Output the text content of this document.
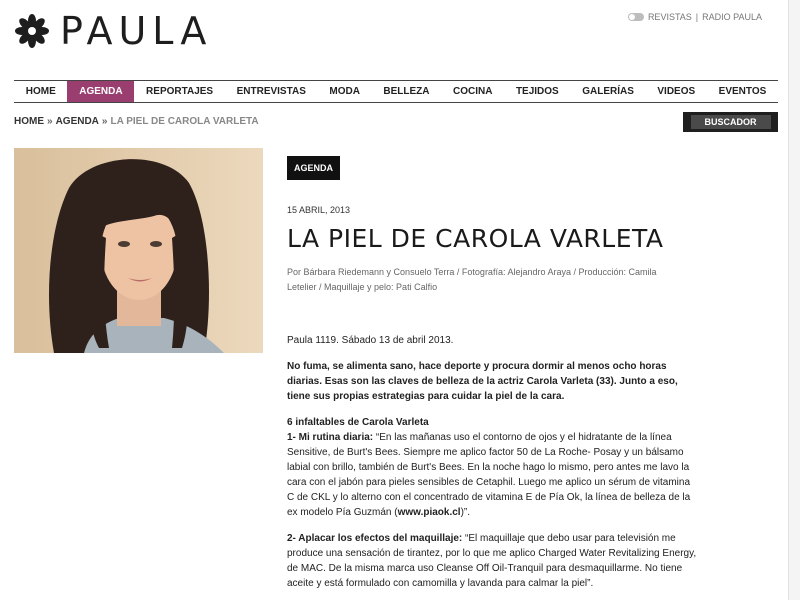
PAULA	REVISTAS | RADIO PAULA
HOME	AGENDA	REPORTAJES	ENTREVISTAS	MODA	BELLEZA	COCINA	TEJIDOS	GALERÍAS	VIDEOS	EVENTOS
HOME » AGENDA » LA PIEL DE CAROLA VARLETA	BUSCADOR
AGENDA
15 ABRIL, 2013
LA PIEL DE CAROLA VARLETA
Por Bárbara Riedemann y Consuelo Terra / Fotografía: Alejandro Araya / Producción: Camila Letelier / Maquillaje y pelo: Pati Calfio

Paula 1119. Sábado 13 de abril 2013.

No fuma, se alimenta sano, hace deporte y procura dormir al menos ocho horas diarias. Esas son las claves de belleza de la actriz Carola Varleta (33). Junto a eso, tiene sus propias estrategias para cuidar la piel de la cara.

6 infaltables de Carola Varleta
1- Mi rutina diaria: “En las mañanas uso el contorno de ojos y el hidratante de la línea Sensitive, de Burt's Bees. Siempre me aplico factor 50 de La Roche- Posay y un bálsamo labial con brillo, también de Burt's Bees. En la noche hago lo mismo, pero antes me lavo la cara con el jabón para pieles sensibles de Cetaphil. Luego me aplico un sérum de vitamina C de CKL y lo alterno con el concentrado de vitamina E de Pía Ok, la línea de belleza de la ex modelo Pía Guzmán (www.piaok.cl)”.

2- Aplacar los efectos del maquillaje: “El maquillaje que debo usar para televisión me produce una sensación de tirantez, por lo que me aplico Charged Water Revitalizing Energy, de MAC. De la misma marca uso Cleanse Off Oil-Tranquil para desmaquillarme. No tiene aceite y está formulado con camomilla y lavanda para calmar la piel”.
